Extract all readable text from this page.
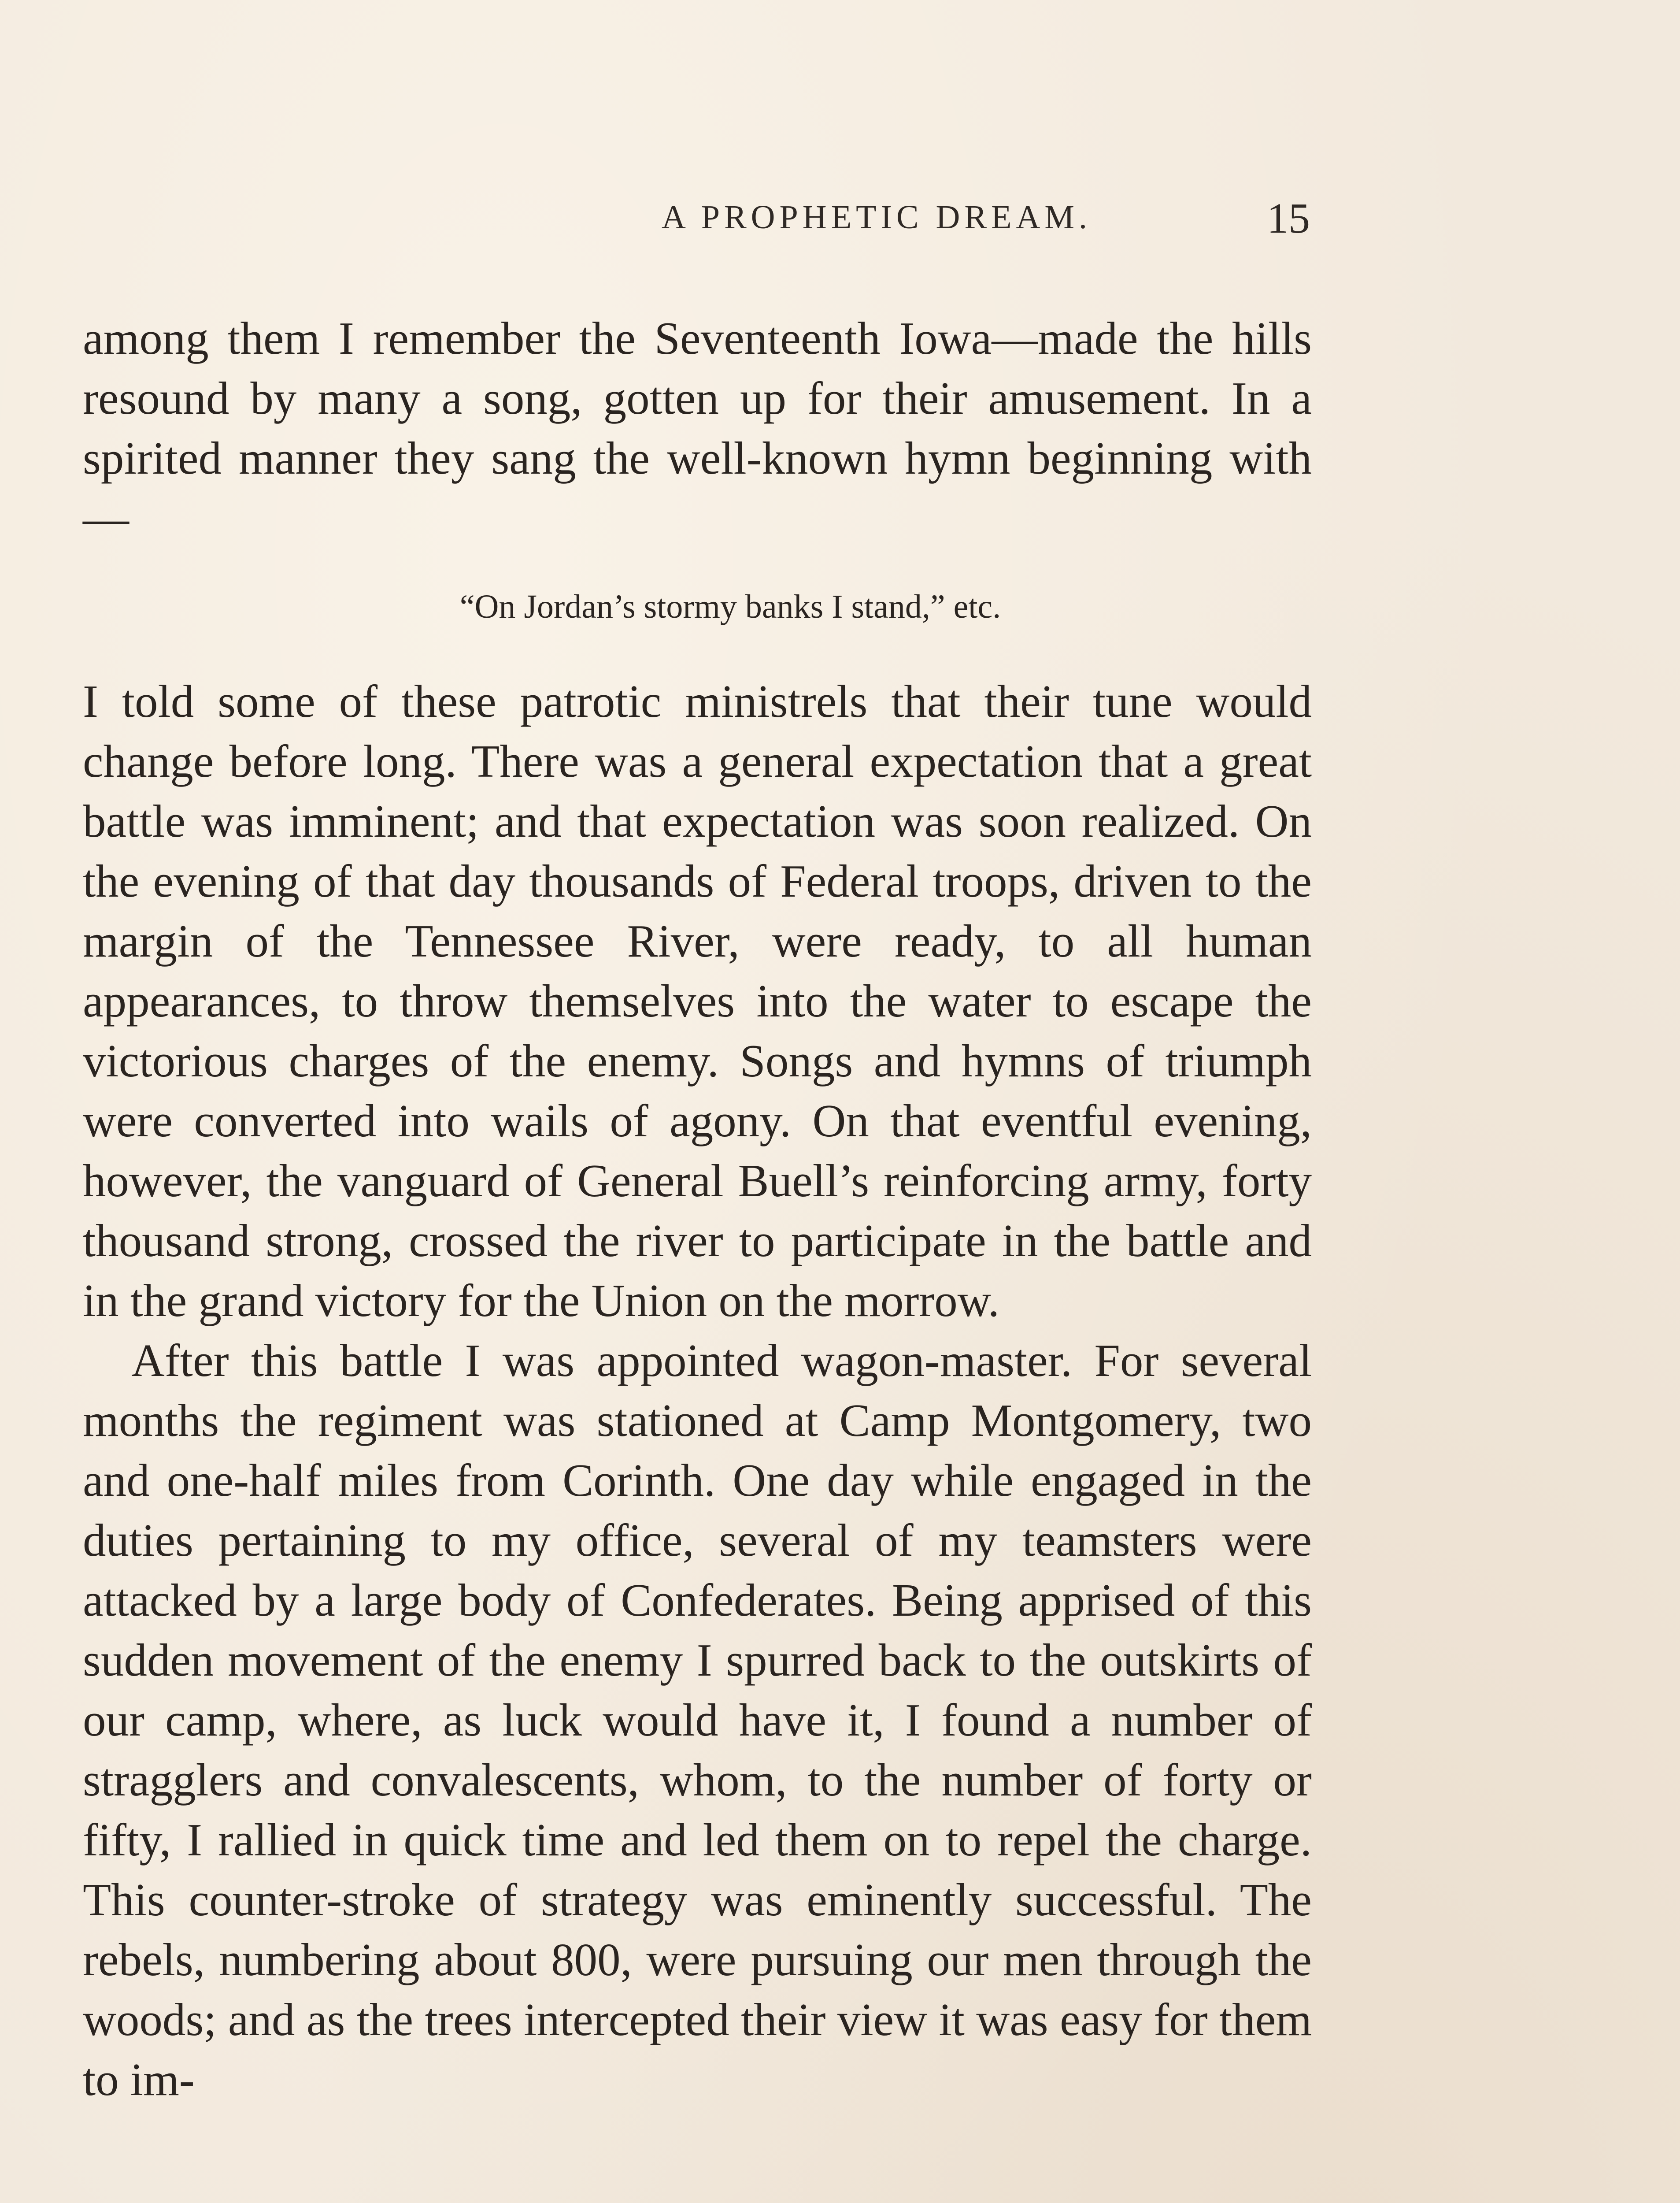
A PROPHETIC DREAM.	15

among them I remember the Seventeenth Iowa—made the hills resound by many a song, gotten up for their amusement. In a spirited manner they sang the well-known hymn beginning with—

“On Jordan’s stormy banks I stand,” etc.

I told some of these patrotic ministrels that their tune would change before long. There was a general expectation that a great battle was imminent; and that expectation was soon realized. On the evening of that day thousands of Federal troops, driven to the margin of the Tennessee River, were ready, to all human appearances, to throw themselves into the water to escape the victorious charges of the enemy. Songs and hymns of triumph were converted into wails of agony. On that eventful evening, however, the vanguard of General Buell’s reinforcing army, forty thousand strong, crossed the river to participate in the battle and in the grand victory for the Union on the morrow.

After this battle I was appointed wagon-master. For several months the regiment was stationed at Camp Montgomery, two and one-half miles from Corinth. One day while engaged in the duties pertaining to my office, several of my teamsters were attacked by a large body of Confederates. Being apprised of this sudden movement of the enemy I spurred back to the outskirts of our camp, where, as luck would have it, I found a number of stragglers and convalescents, whom, to the number of forty or fifty, I rallied in quick time and led them on to repel the charge. This counter-stroke of strategy was eminently successful. The rebels, numbering about 800, were pursuing our men through the woods; and as the trees intercepted their view it was easy for them to im-
